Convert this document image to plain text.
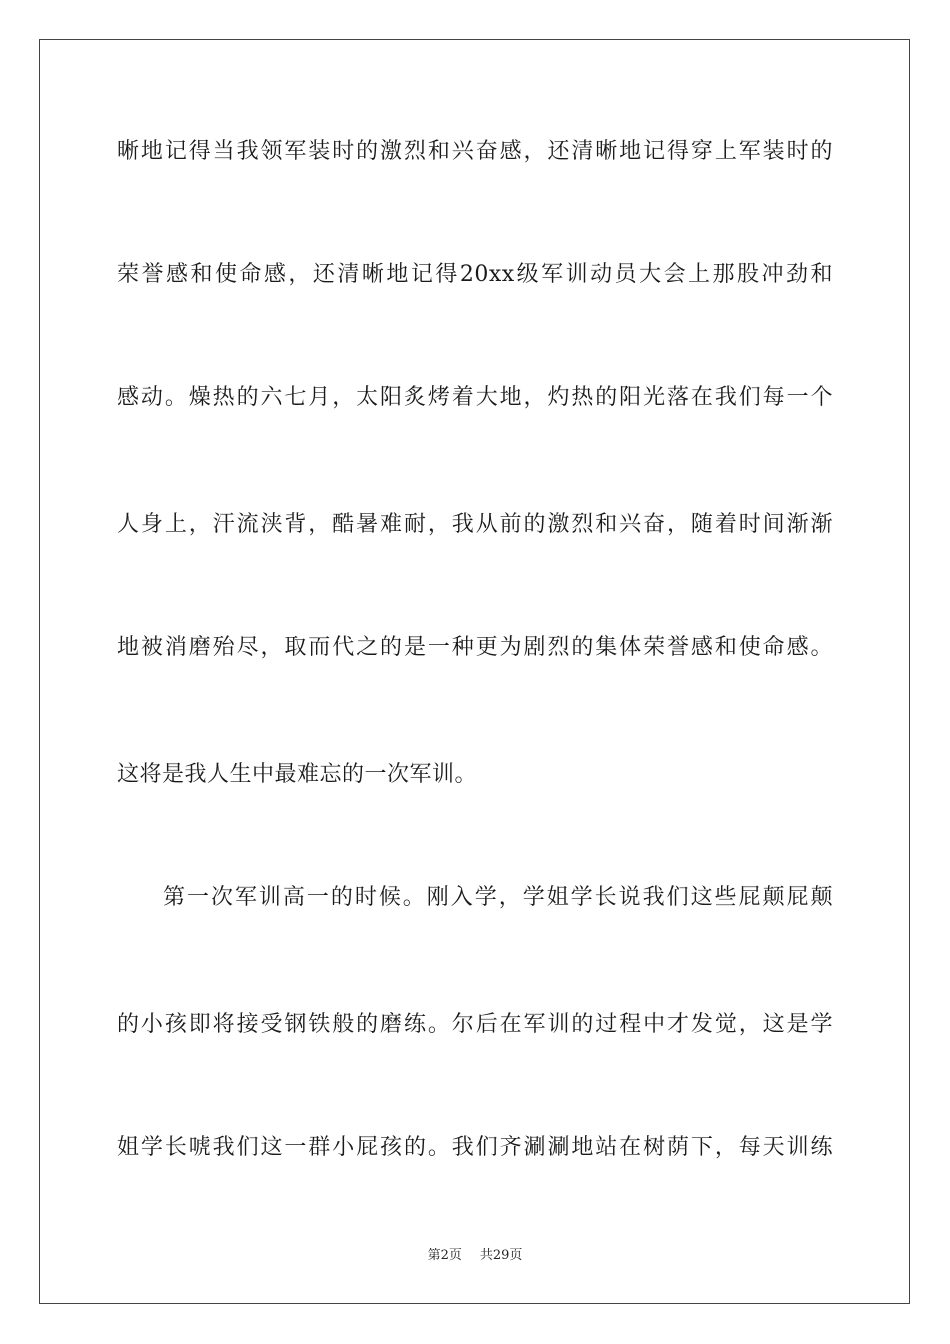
晰地记得当我领军装时的激烈和兴奋感，还清晰地记得穿上军装时的
荣誉感和使命感，还清晰地记得20xx级军训动员大会上那股冲劲和
感动。燥热的六七月，太阳炙烤着大地，灼热的阳光落在我们每一个
人身上，汗流浃背，酷暑难耐，我从前的激烈和兴奋，随着时间渐渐
地被消磨殆尽，取而代之的是一种更为剧烈的集体荣誉感和使命感。
这将是我人生中最难忘的一次军训。
第一次军训高一的时候。刚入学，学姐学长说我们这些屁颠屁颠
的小孩即将接受钢铁般的磨练。尔后在军训的过程中才发觉，这是学
姐学长唬我们这一群小屁孩的。我们齐涮涮地站在树荫下，每天训练
第2页 共29页
